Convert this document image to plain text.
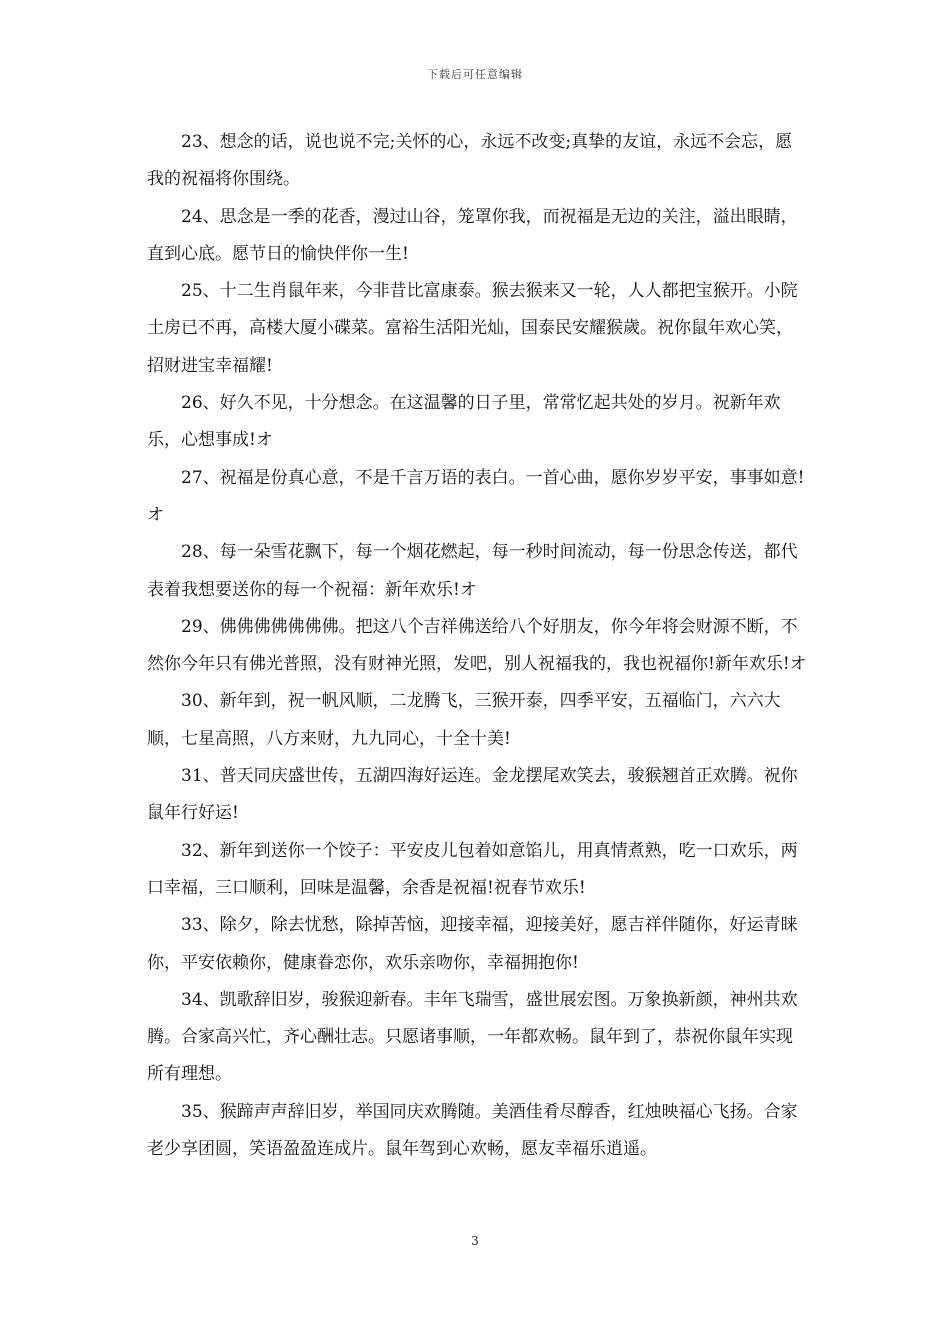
下载后可任意编辑

23、想念的话，说也说不完;关怀的心，永远不改变;真挚的友谊，永远不会忘，愿我的祝福将你围绕。

24、思念是一季的花香，漫过山谷，笼罩你我，而祝福是无边的关注，溢出眼睛，直到心底。愿节日的愉快伴你一生!

25、十二生肖鼠年来，今非昔比富康泰。猴去猴来又一轮，人人都把宝猴开。小院土房已不再，高楼大厦小碟菜。富裕生活阳光灿，国泰民安耀猴歲。祝你鼠年欢心笑，招财进宝幸福耀!

26、好久不见，十分想念。在这温馨的日子里，常常忆起共处的岁月。祝新年欢乐，心想事成!オ

27、祝福是份真心意，不是千言万语的表白。一首心曲，愿你岁岁平安，事事如意!オ

28、每一朵雪花飘下，每一个烟花燃起，每一秒时间流动，每一份思念传送，都代表着我想要送你的每一个祝福：新年欢乐!オ

29、佛佛佛佛佛佛佛。把这八个吉祥佛送给八个好朋友，你今年将会财源不断，不然你今年只有佛光普照，没有财神光照，发吧，别人祝福我的，我也祝福你!新年欢乐!オ

30、新年到，祝一帆风顺，二龙腾飞，三猴开泰，四季平安，五福临门，六六大顺，七星高照，八方来财，九九同心，十全十美!

31、普天同庆盛世传，五湖四海好运连。金龙摆尾欢笑去，骏猴翘首正欢腾。祝你鼠年行好运!

32、新年到送你一个饺子：平安皮儿包着如意馅儿，用真情煮熟，吃一口欢乐，两口幸福，三口顺利，回味是温馨，余香是祝福!祝春节欢乐!

33、除夕，除去忧愁，除掉苦恼，迎接幸福，迎接美好，愿吉祥伴随你，好运青睐你，平安依赖你，健康眷恋你，欢乐亲吻你，幸福拥抱你!

34、凯歌辞旧岁，骏猴迎新春。丰年飞瑞雪，盛世展宏图。万象换新颜，神州共欢腾。合家高兴忙，齐心酬壮志。只愿诸事顺，一年都欢畅。鼠年到了，恭祝你鼠年实现所有理想。

35、猴蹄声声辞旧岁，举国同庆欢腾随。美酒佳肴尽醇香，红烛映福心飞扬。合家老少享团圆，笑语盈盈连成片。鼠年驾到心欢畅，愿友幸福乐逍遥。

3
